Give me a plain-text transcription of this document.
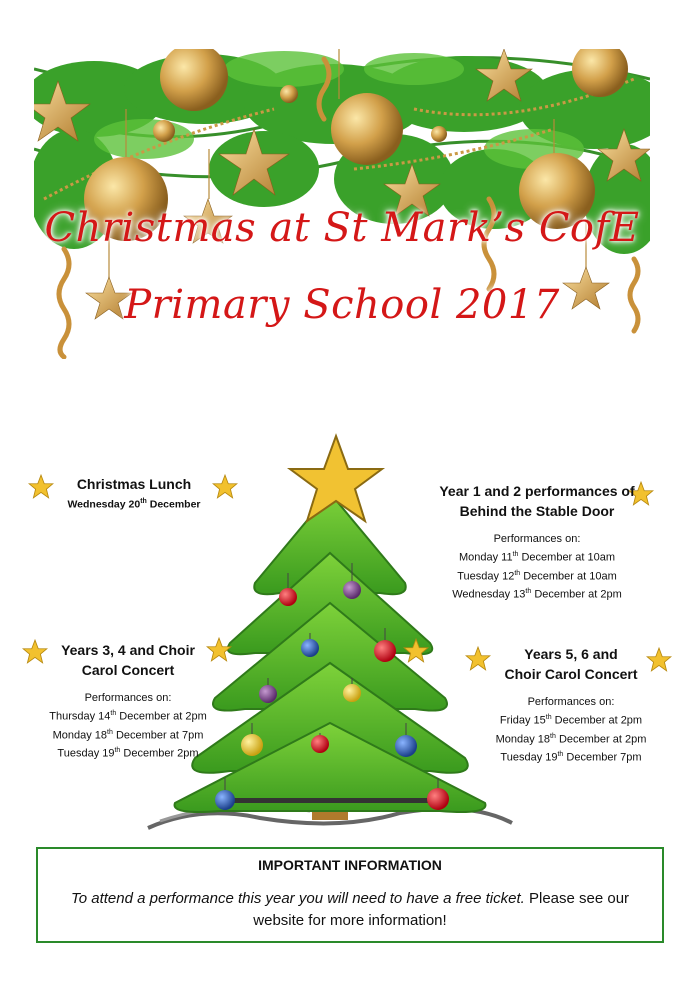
Christmas at St Mark’s CofE
Primary School 2017
Christmas Lunch
Wednesday 20th December
Year 1 and 2 performances of
Behind the Stable Door
Performances on:
Monday 11th December at 10am
Tuesday 12th December at 10am
Wednesday 13th December at 2pm
Years 3, 4 and Choir
Carol Concert
Performances on:
Thursday 14th December at 2pm
Monday 18th December at 7pm
Tuesday 19th December 2pm
Years 5, 6 and
Choir Carol Concert
Performances on:
Friday 15th December at 2pm
Monday 18th December at 2pm
Tuesday 19th December 7pm
IMPORTANT INFORMATION
To attend a performance this year you will need to have a free ticket. Please see our website for more information!
